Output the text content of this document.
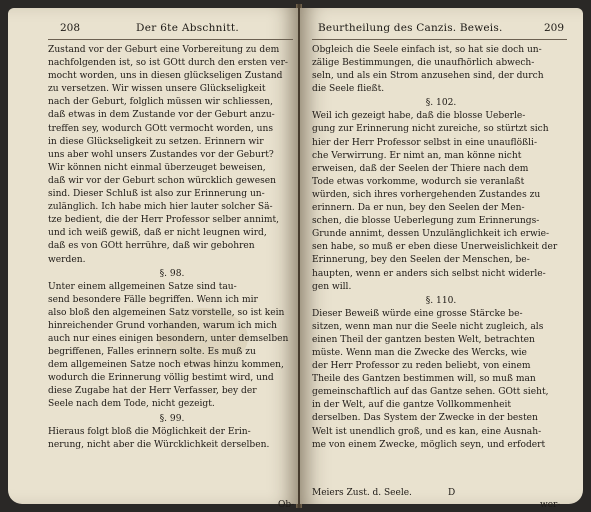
208	Der 6te Abschnitt.
Zustand vor der Geburt eine Vorbereitung zu dem
nachfolgenden ist, so ist GOtt durch den ersten ver-
mocht worden, uns in diesen glückseligen Zustand
zu versetzen. Wir wissen unsere Glückseligkeit
nach der Geburt, folglich müssen wir schliessen,
daß etwas in dem Zustande vor der Geburt anzu-
treffen sey, wodurch GOtt vermocht worden, uns
in diese Glückseligkeit zu setzen. Erinnern wir
uns aber wohl unsers Zustandes vor der Geburt?
Wir können nicht einmal überzeuget beweisen,
daß wir vor der Geburt schon würcklich gewesen
sind. Dieser Schluß ist also zur Erinnerung un-
zulänglich. Ich habe mich hier lauter solcher Sä-
tze bedient, die der Herr Professor selber annimt,
und ich weiß gewiß, daß er nicht leugnen wird,
daß es von GOtt herrühre, daß wir gebohren
werden.
§. 98.
Unter einem allgemeinen Satze sind tau-
send besondere Fälle begriffen. Wenn ich mir
also bloß den algemeinen Satz vorstelle, so ist kein
hinreichender Grund vorhanden, warum ich mich
auch nur eines einigen besondern, unter demselben
begriffenen, Falles erinnern solte. Es muß zu
dem allgemeinen Satze noch etwas hinzu kommen,
wodurch die Erinnerung völlig bestimt wird, und
diese Zugabe hat der Herr Verfasser, bey der
Seele nach dem Tode, nicht gezeigt.
§. 99.
Hieraus folgt bloß die Möglichkeit der Erin-
nerung, nicht aber die Würcklichkeit derselben.
Ob-
Beurtheilung des Canzis. Beweis.	209
Obgleich die Seele einfach ist, so hat sie doch un-
zälige Bestimmungen, die unaufhörlich abwech-
seln, und als ein Strom anzusehen sind, der durch
die Seele fließt.
§. 102.
Weil ich gezeigt habe, daß die blosse Ueberle-
gung zur Erinnerung nicht zureiche, so stürtzt sich
hier der Herr Professor selbst in eine unauflößli-
che Verwirrung. Er nimt an, man könne nicht
erweisen, daß der Seelen der Thiere nach dem
Tode etwas vorkomme, wodurch sie veranlaßt
würden, sich ihres vorhergehenden Zustandes zu
erinnern. Da er nun, bey den Seelen der Men-
schen, die blosse Ueberlegung zum Erinnerungs-
Grunde annimt, dessen Unzulänglichkeit ich erwie-
sen habe, so muß er eben diese Unerweislichkeit der
Erinnerung, bey den Seelen der Menschen, be-
haupten, wenn er anders sich selbst nicht widerle-
gen will.
§. 110.
Dieser Beweiß würde eine grosse Stärcke be-
sitzen, wenn man nur die Seele nicht zugleich, als
einen Theil der gantzen besten Welt, betrachten
müste. Wenn man die Zwecke des Wercks, wie
der Herr Professor zu reden beliebt, von einem
Theile des Gantzen bestimmen will, so muß man
gemeinschaftlich auf das Gantze sehen. GOtt sieht,
in der Welt, auf die gantze Vollkommenheit
derselben. Das System der Zwecke in der besten
Welt ist unendlich groß, und es kan, eine Ausnah-
me von einem Zwecke, möglich seyn, und erfodert
Meiers Zust. d. Seele.	D
wer-
